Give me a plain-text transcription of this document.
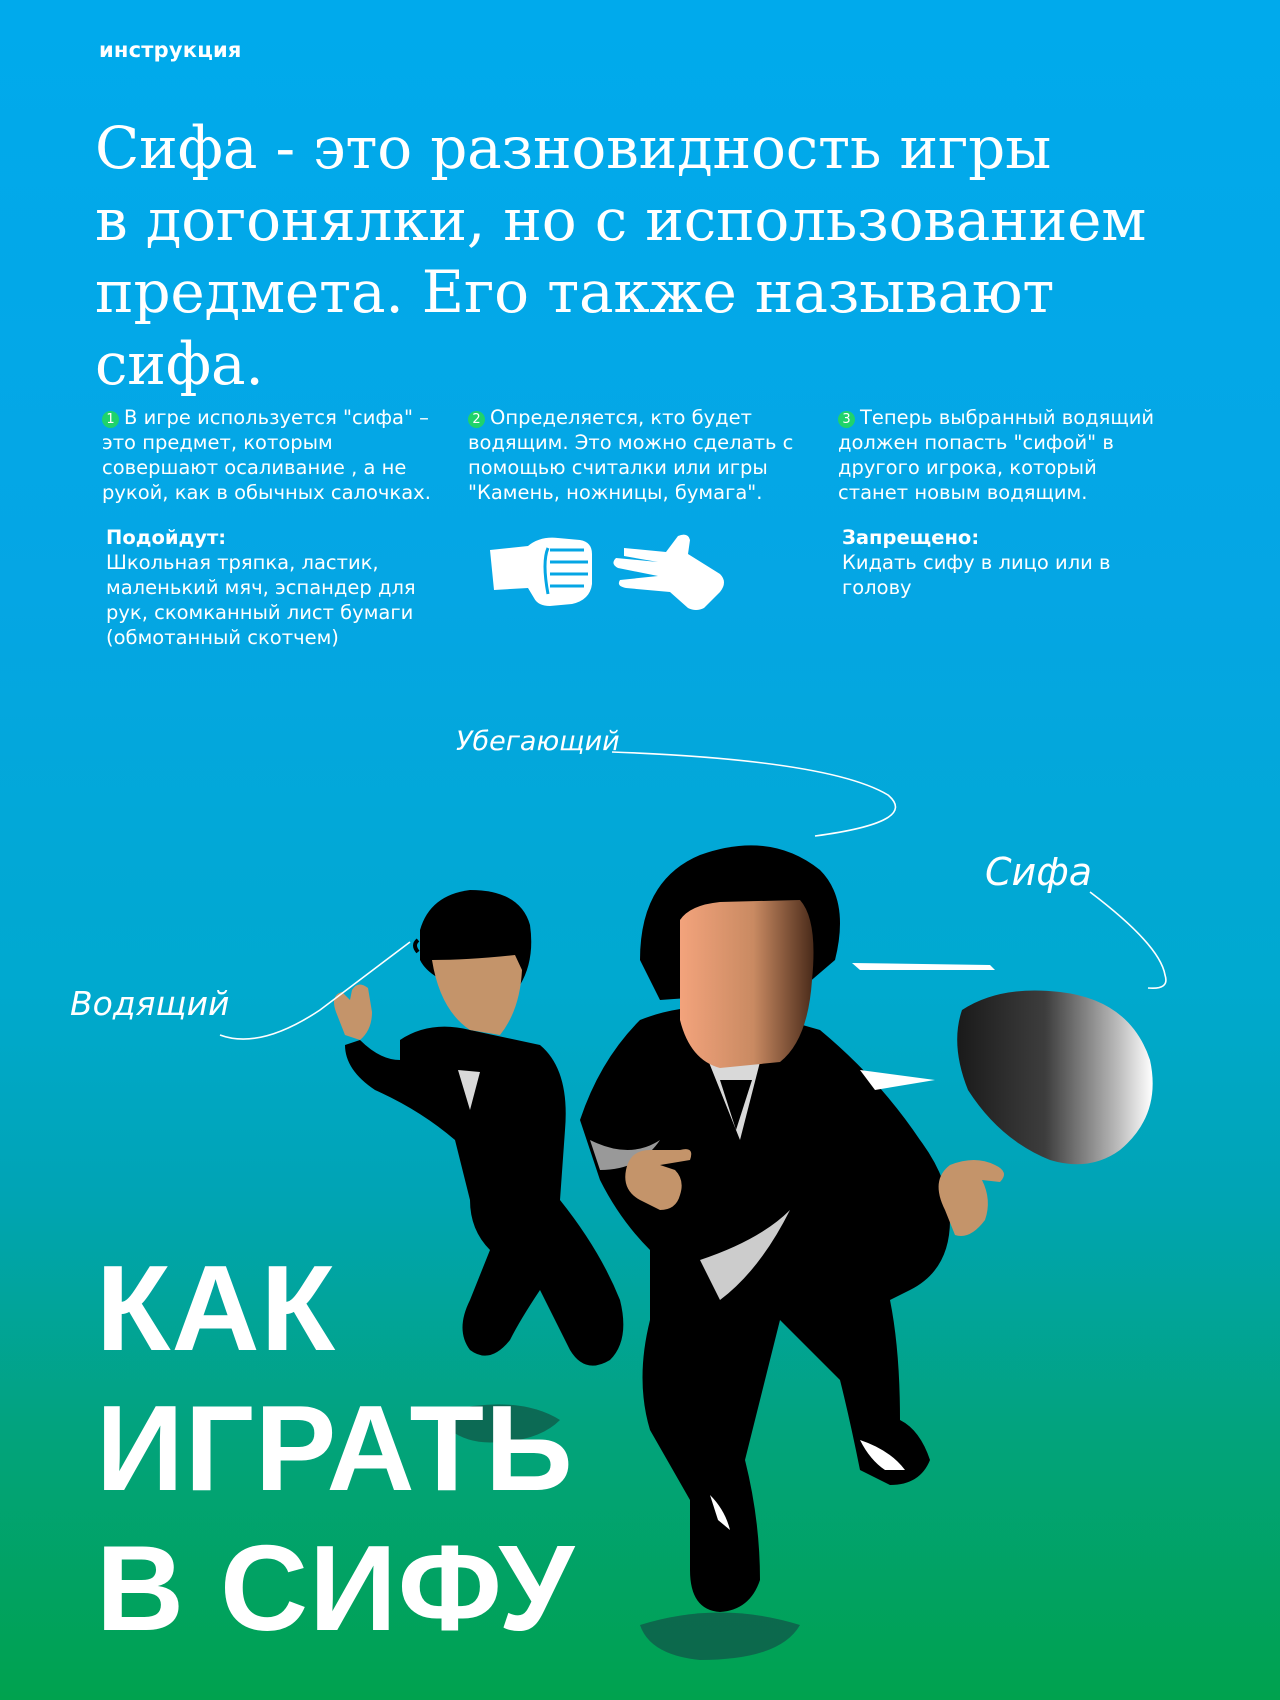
инструкция
Сифа - это разновидность игры
в догонялки, но с использованием
предмета. Его также называют сифа.

1 В игре используется "сифа" – это предмет, которым совершают осаливание , а не рукой, как в обычных салочках.

Подойдут:
Школьная тряпка, ластик, маленький мяч, эспандер для рук, скомканный лист бумаги (обмотанный скотчем)

2 Определяется, кто будет водящим. Это можно сделать с помощью считалки или игры "Камень, ножницы, бумага".

3 Теперь выбранный водящий должен попасть "сифой" в другого игрока, который станет новым водящим.

Запрещено:
Кидать сифу в лицо или в голову
Убегающий
Сифа
Водящий
КАК
ИГРАТЬ
В СИФУ
